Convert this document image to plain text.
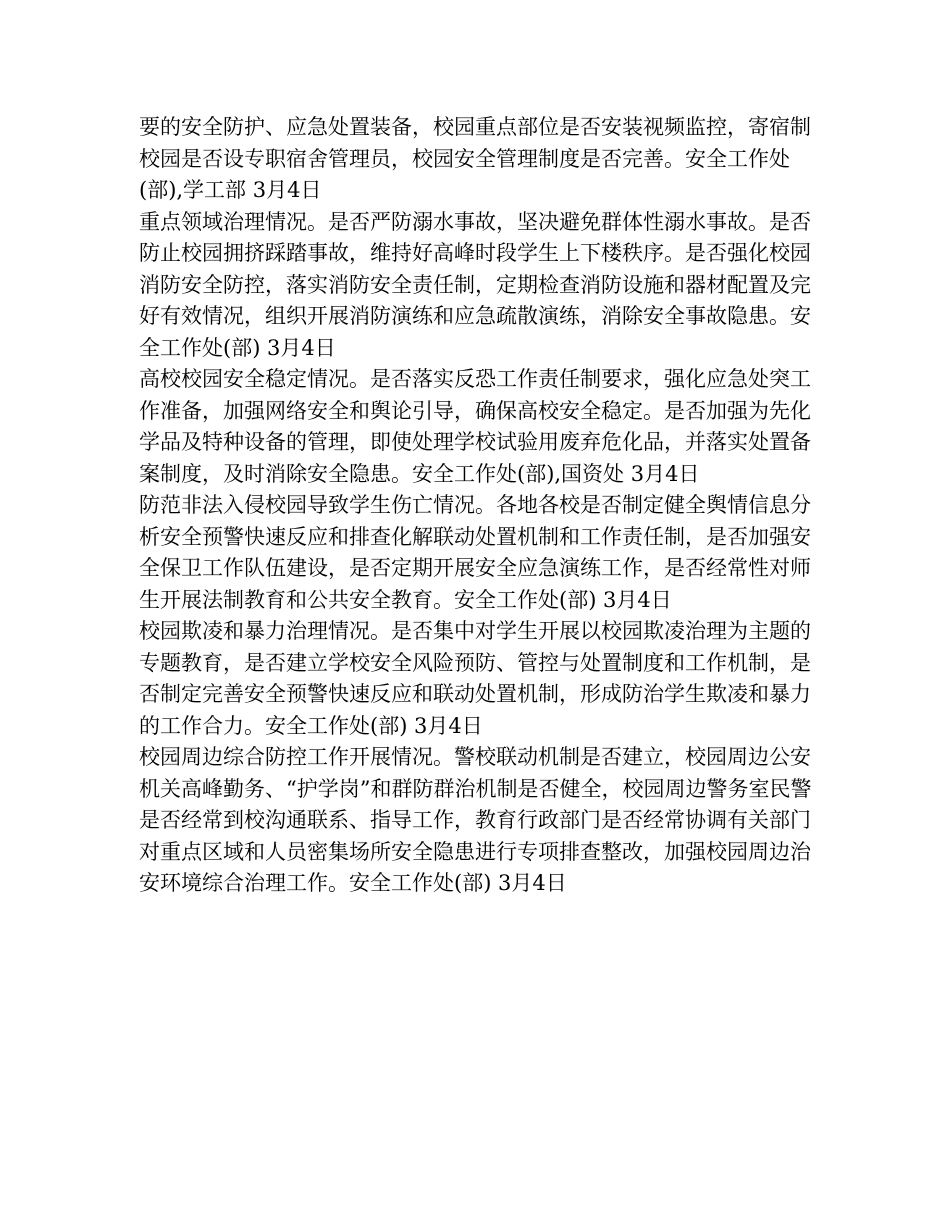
要的安全防护、应急处置装备，校园重点部位是否安装视频监控，寄宿制校园是否设专职宿舍管理员，校园安全管理制度是否完善。安全工作处(部),学工部 3月4日

重点领域治理情况。是否严防溺水事故，坚决避免群体性溺水事故。是否防止校园拥挤踩踏事故，维持好高峰时段学生上下楼秩序。是否强化校园消防安全防控，落实消防安全责任制，定期检查消防设施和器材配置及完好有效情况，组织开展消防演练和应急疏散演练，消除安全事故隐患。安全工作处(部) 3月4日

高校校园安全稳定情况。是否落实反恐工作责任制要求，强化应急处突工作准备，加强网络安全和舆论引导，确保高校安全稳定。是否加强为先化学品及特种设备的管理，即使处理学校试验用废弃危化品，并落实处置备案制度，及时消除安全隐患。安全工作处(部),国资处 3月4日

防范非法入侵校园导致学生伤亡情况。各地各校是否制定健全舆情信息分析安全预警快速反应和排查化解联动处置机制和工作责任制，是否加强安全保卫工作队伍建设，是否定期开展安全应急演练工作，是否经常性对师生开展法制教育和公共安全教育。安全工作处(部) 3月4日

校园欺凌和暴力治理情况。是否集中对学生开展以校园欺凌治理为主题的专题教育，是否建立学校安全风险预防、管控与处置制度和工作机制，是否制定完善安全预警快速反应和联动处置机制，形成防治学生欺凌和暴力的工作合力。安全工作处(部) 3月4日

校园周边综合防控工作开展情况。警校联动机制是否建立，校园周边公安机关高峰勤务、“护学岗”和群防群治机制是否健全，校园周边警务室民警是否经常到校沟通联系、指导工作，教育行政部门是否经常协调有关部门对重点区域和人员密集场所安全隐患进行专项排查整改，加强校园周边治安环境综合治理工作。安全工作处(部) 3月4日
